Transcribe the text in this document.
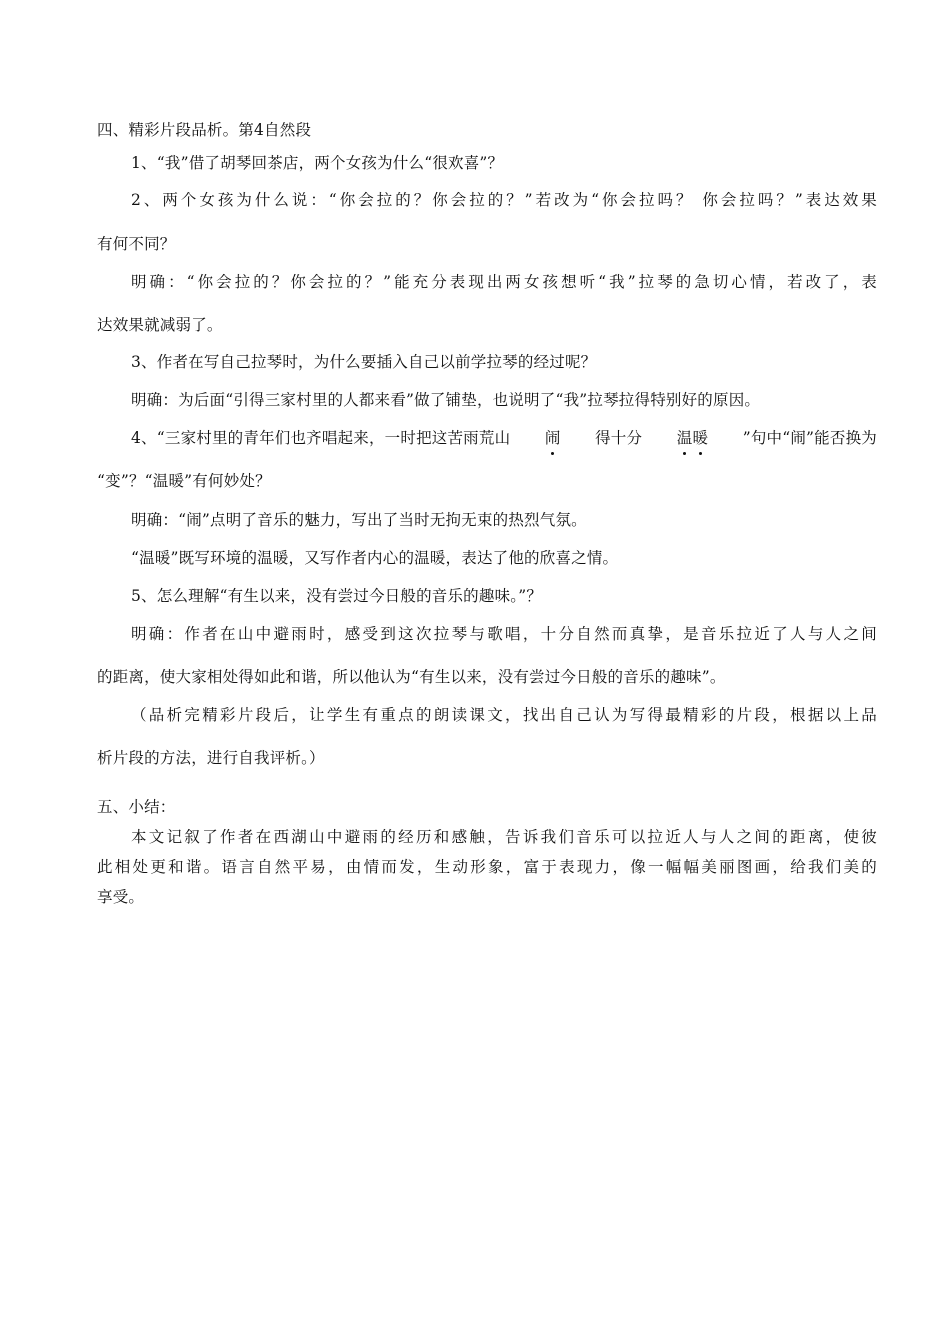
四、精彩片段品析。第4自然段
1、“我”借了胡琴回茶店，两个女孩为什么“很欢喜”？
2、两个女孩为什么说：“你会拉的？你会拉的？”若改为“你会拉吗？ 你会拉吗？”表达效果
有何不同？
明确：“你会拉的？你会拉的？”能充分表现出两女孩想听“我”拉琴的急切心情，若改了，表
达效果就减弱了。
3、作者在写自己拉琴时，为什么要插入自己以前学拉琴的经过呢？
明确：为后面“引得三家村里的人都来看”做了铺垫，也说明了“我”拉琴拉得特别好的原因。
4、“三家村里的青年们也齐唱起来，一时把这苦雨荒山 闹 得十分 温 暖 ”句中“闹”能否换为
“变”？“温暖”有何妙处？
明确：“闹”点明了音乐的魅力，写出了当时无拘无束的热烈气氛。
“温暖”既写环境的温暖，又写作者内心的温暖，表达了他的欣喜之情。
5、怎么理解“有生以来，没有尝过今日般的音乐的趣味。”？
明确：作者在山中避雨时，感受到这次拉琴与歌唱，十分自然而真挚，是音乐拉近了人与人之间
的距离，使大家相处得如此和谐，所以他认为“有生以来，没有尝过今日般的音乐的趣味”。
（品析完精彩片段后，让学生有重点的朗读课文，找出自己认为写得最精彩的片段，根据以上品
析片段的方法，进行自我评析。）
五、小结：
本文记叙了作者在西湖山中避雨的经历和感触，告诉我们音乐可以拉近人与人之间的距离，使彼
此相处更和谐。语言自然平易，由情而发，生动形象，富于表现力，像一幅幅美丽图画，给我们美的
享受。
